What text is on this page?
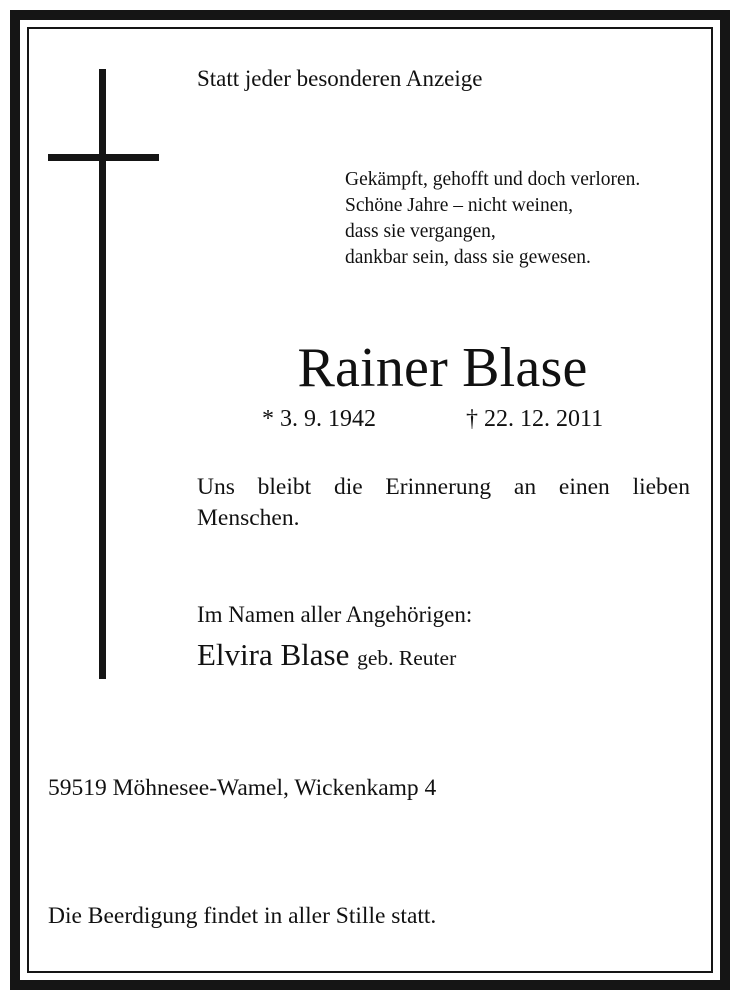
Statt jeder besonderen Anzeige

Gekämpft, gehofft und doch verloren.
Schöne Jahre – nicht weinen,
dass sie vergangen,
dankbar sein, dass sie gewesen.

Rainer Blase

* 3. 9. 1942	† 22. 12. 2011

Uns bleibt die Erinnerung an einen lieben Menschen.

Im Namen aller Angehörigen:

Elvira Blase geb. Reuter

59519 Möhnesee-Wamel, Wickenkamp 4

Die Beerdigung findet in aller Stille statt.
